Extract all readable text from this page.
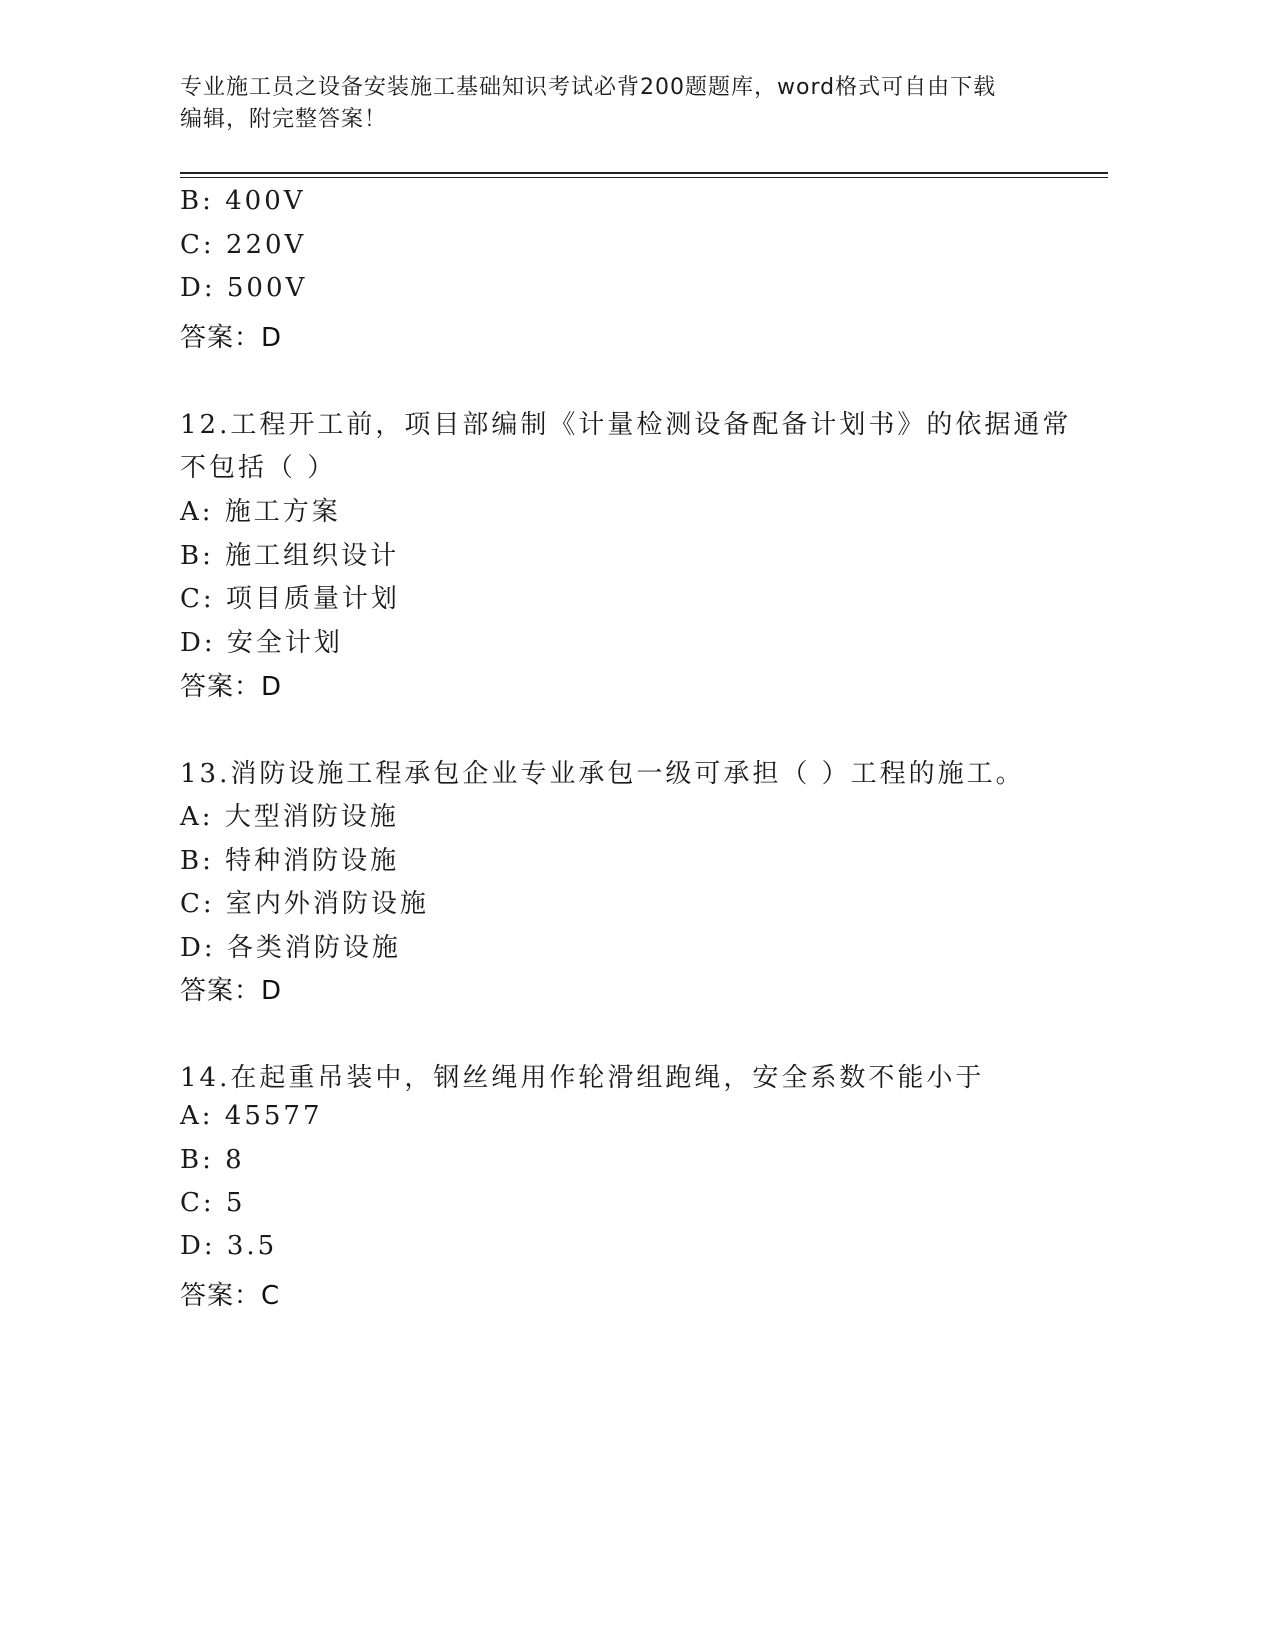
专业施工员之设备安装施工基础知识考试必背200题题库，word格式可自由下载
编辑，附完整答案！
B: 400V
C: 220V
D: 500V
答案：D
12.工程开工前，项目部编制《计量检测设备配备计划书》的依据通常
不包括（ ）
A: 施工方案
B: 施工组织设计
C: 项目质量计划
D: 安全计划
答案：D
13.消防设施工程承包企业专业承包一级可承担（ ）工程的施工。
A: 大型消防设施
B: 特种消防设施
C: 室内外消防设施
D: 各类消防设施
答案：D
14.在起重吊装中，钢丝绳用作轮滑组跑绳，安全系数不能小于
A: 45577
B: 8
C: 5
D: 3.5
答案：C
